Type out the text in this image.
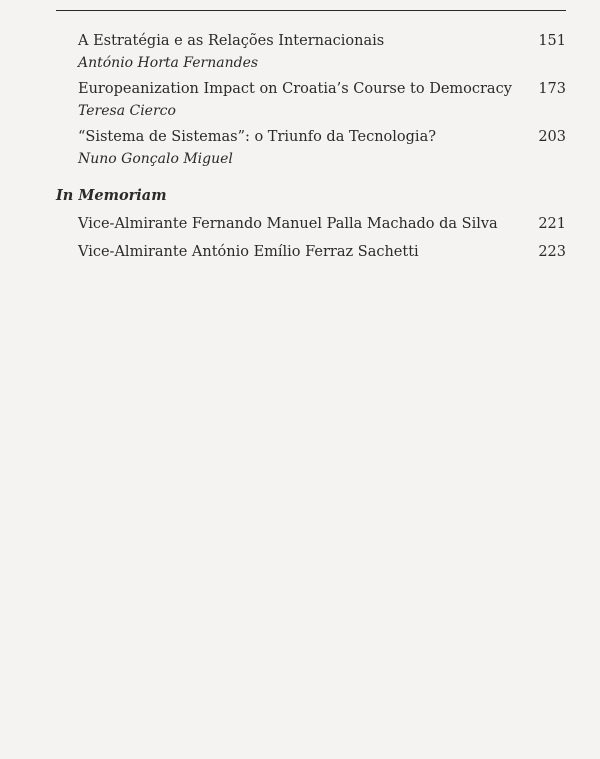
A Estratégia e as Relações Internacionais
António Horta Fernandes
151
Europeanization Impact on Croatia’s Course to Democracy
Teresa Cierco
173
“Sistema de Sistemas”: o Triunfo da Tecnologia?
Nuno Gonçalo Miguel
203
In Memoriam
Vice-Almirante Fernando Manuel Palla Machado da Silva	221
Vice-Almirante António Emílio Ferraz Sachetti	223
